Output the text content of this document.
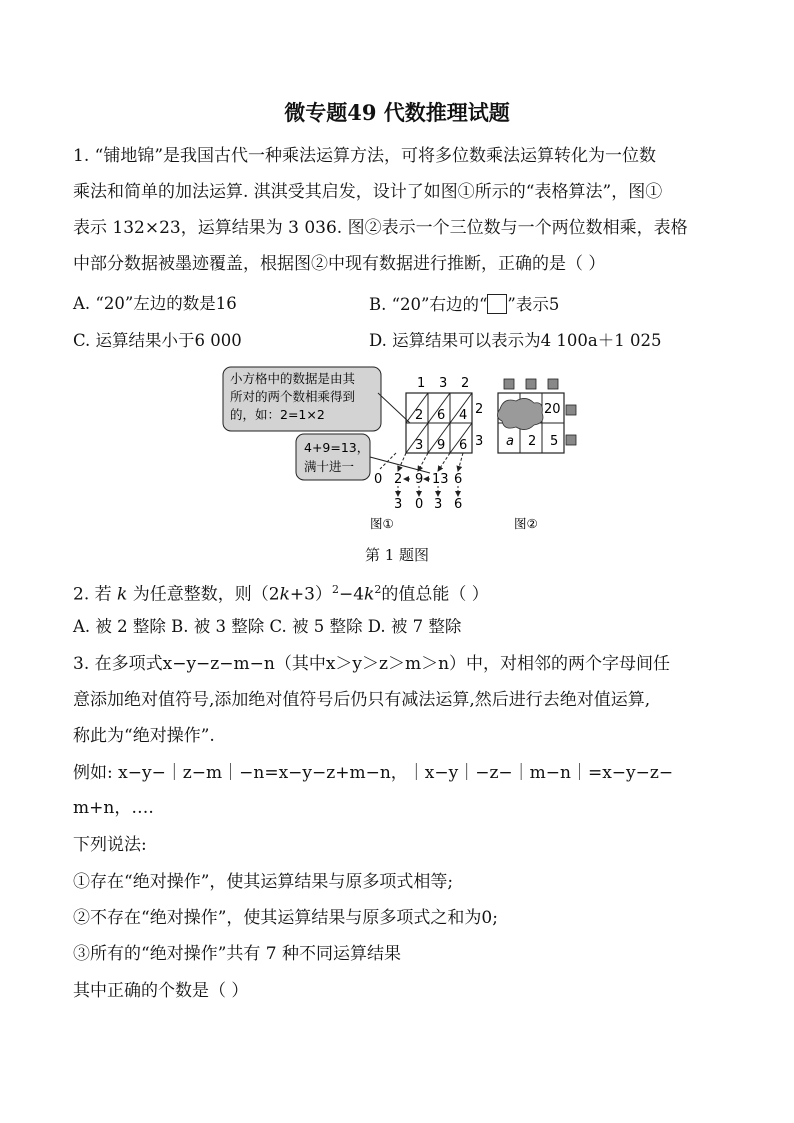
微专题49 代数推理试题
1. “铺地锦”是我国古代一种乘法运算方法，可将多位数乘法运算转化为一位数
乘法和简单的加法运算. 淇淇受其启发，设计了如图①所示的“表格算法”，图①
表示 132×23，运算结果为 3 036. 图②表示一个三位数与一个两位数相乘，表格
中部分数据被墨迹覆盖，根据图②中现有数据进行推断，正确的是（ ）
A. “20”左边的数是16	B. “20”右边的“ ”表示5
C. 运算结果小于6 000	D. 运算结果可以表示为4 100a＋1 025
小方格中的数据是由其
所对的两个数相乘得到
的，如：2=1×2
4+9=13，
满十进一
1 3 2
2 6 4
3 9 6
2
3
0 2 9 13 6
3 0 3 6
图①
20
a 2 5
图②
第 1 题图
2. 若 k 为任意整数，则$(2k+3)^2-4k^2$的值总能（ ）
A. 被 2 整除 B. 被 3 整除 C. 被 5 整除 D. 被 7 整除
3. 在多项式x−y−z−m−n（其中x＞y＞z＞m＞n）中，对相邻的两个字母间任
意添加绝对值符号,添加绝对值符号后仍只有减法运算,然后进行去绝对值运算,
称此为“绝对操作”.
例如: x−y−｜z−m｜−n=x−y−z+m−n，｜x−y｜−z−｜m−n｜=x−y−z−
m+n，….
下列说法:
①存在“绝对操作”，使其运算结果与原多项式相等;
②不存在“绝对操作”，使其运算结果与原多项式之和为0;
③所有的“绝对操作”共有 7 种不同运算结果
其中正确的个数是（ ）
